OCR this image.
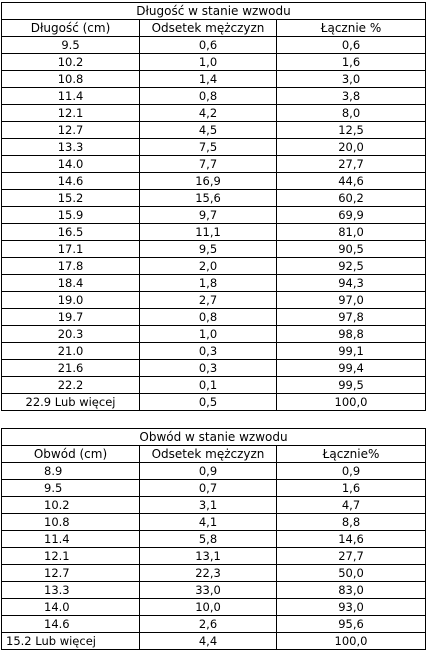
Długość w stanie wzwodu		
Długość (cm)	Odsetek mężczyzn	Łącznie %
9.5	0,6	0,6
10.2	1,0	1,6
10.8	1,4	3,0
11.4	0,8	3,8
12.1	4,2	8,0
12.7	4,5	12,5
13.3	7,5	20,0
14.0	7,7	27,7
14.6	16,9	44,6
15.2	15,6	60,2
15.9	9,7	69,9
16.5	11,1	81,0
17.1	9,5	90,5
17.8	2,0	92,5
18.4	1,8	94,3
19.0	2,7	97,0
19.7	0,8	97,8
20.3	1,0	98,8
21.0	0,3	99,1
21.6	0,3	99,4
22.2	0,1	99,5
22.9 Lub więcej	0,5	100,0
Obwód w stanie wzwodu		
Obwód (cm)	Odsetek mężczyzn	Łącznie%
8.9	0,9	0,9
9.5	0,7	1,6
10.2	3,1	4,7
10.8	4,1	8,8
11.4	5,8	14,6
12.1	13,1	27,7
12.7	22,3	50,0
13.3	33,0	83,0
14.0	10,0	93,0
14.6	2,6	95,6
15.2 Lub więcej	4,4	100,0
